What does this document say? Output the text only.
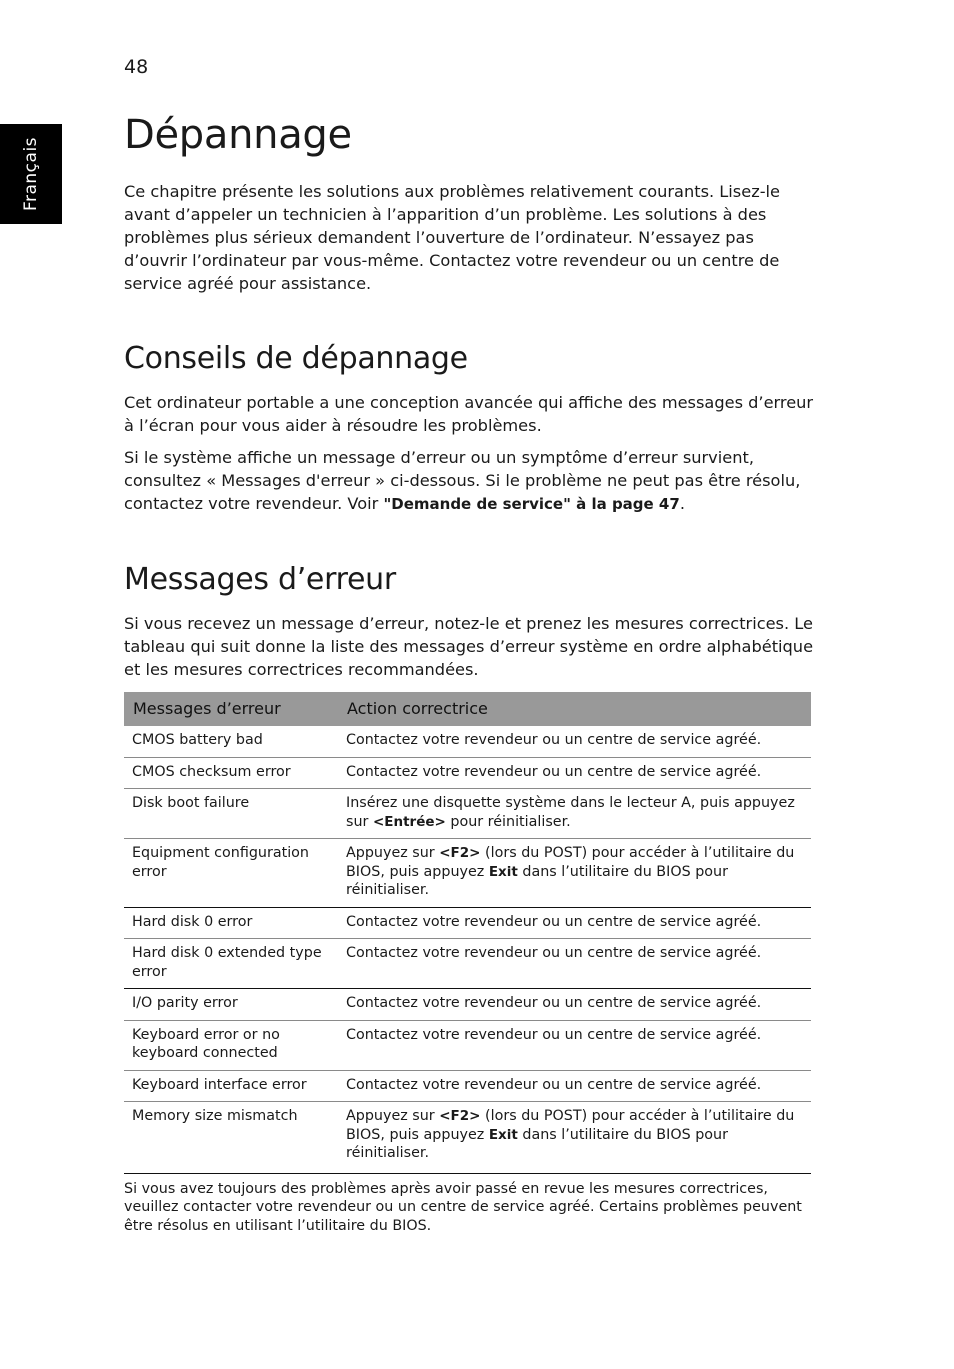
48
Français
Dépannage

Ce chapitre présente les solutions aux problèmes relativement courants. Lisez-le avant d’appeler un technicien à l’apparition d’un problème. Les solutions à des problèmes plus sérieux demandent l’ouverture de l’ordinateur. N’essayez pas d’ouvrir l’ordinateur par vous-même. Contactez votre revendeur ou un centre de service agréé pour assistance.

Conseils de dépannage

Cet ordinateur portable a une conception avancée qui affiche des messages d’erreur à l’écran pour vous aider à résoudre les problèmes.

Si le système affiche un message d’erreur ou un symptôme d’erreur survient, consultez « Messages d'erreur » ci-dessous. Si le problème ne peut pas être résolu, contactez votre revendeur. Voir "Demande de service" à la page 47.

Messages d’erreur

Si vous recevez un message d’erreur, notez-le et prenez les mesures correctrices. Le tableau qui suit donne la liste des messages d’erreur système en ordre alphabétique et les mesures correctrices recommandées.

Messages d’erreur	Action correctrice
CMOS battery bad	Contactez votre revendeur ou un centre de service agréé.
CMOS checksum error	Contactez votre revendeur ou un centre de service agréé.
Disk boot failure	Insérez une disquette système dans le lecteur A, puis appuyez sur <Entrée> pour réinitialiser.
Equipment configuration error	Appuyez sur <F2> (lors du POST) pour accéder à l’utilitaire du BIOS, puis appuyez Exit dans l’utilitaire du BIOS pour réinitialiser.
Hard disk 0 error	Contactez votre revendeur ou un centre de service agréé.
Hard disk 0 extended type error	Contactez votre revendeur ou un centre de service agréé.
I/O parity error	Contactez votre revendeur ou un centre de service agréé.
Keyboard error or no keyboard connected	Contactez votre revendeur ou un centre de service agréé.
Keyboard interface error	Contactez votre revendeur ou un centre de service agréé.
Memory size mismatch	Appuyez sur <F2> (lors du POST) pour accéder à l’utilitaire du BIOS, puis appuyez Exit dans l’utilitaire du BIOS pour réinitialiser.

Si vous avez toujours des problèmes après avoir passé en revue les mesures correctrices, veuillez contacter votre revendeur ou un centre de service agréé. Certains problèmes peuvent être résolus en utilisant l’utilitaire du BIOS.
